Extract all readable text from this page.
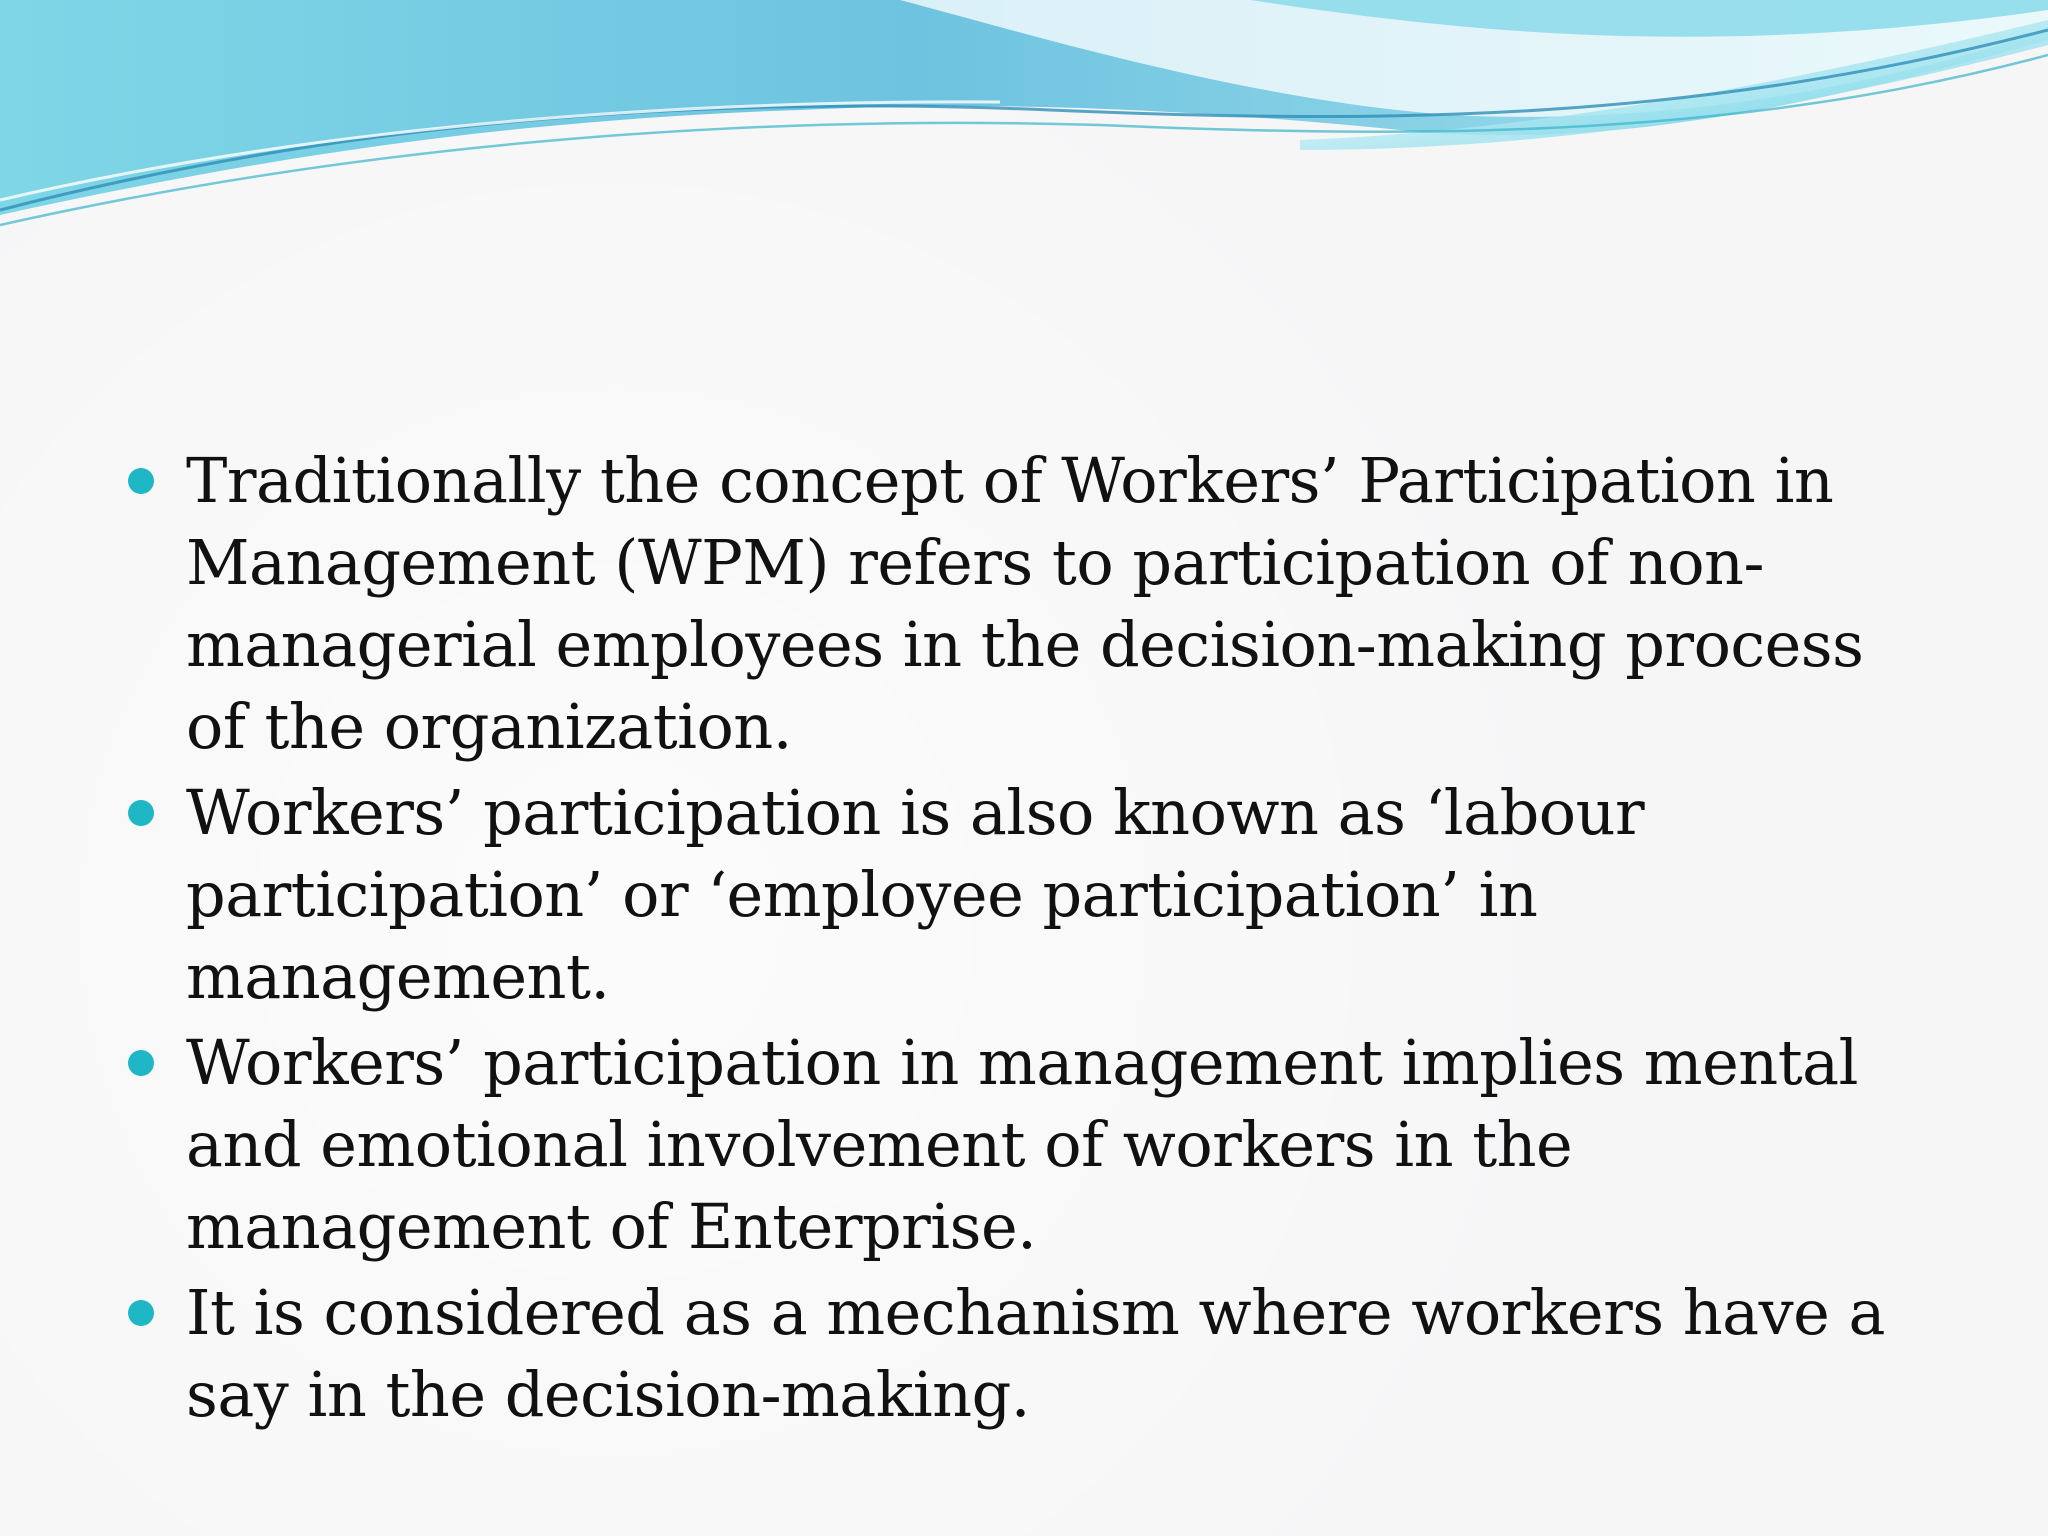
Traditionally the concept of Workers’ Participation in Management (WPM) refers to participation of non-managerial employees in the decision-making process of the organization.
Workers’ participation is also known as ‘labour participation’ or ‘employee participation’ in management.
Workers’ participation in management implies mental and emotional involvement of workers in the management of Enterprise.
It is considered as a mechanism where workers have a say in the decision-making.
